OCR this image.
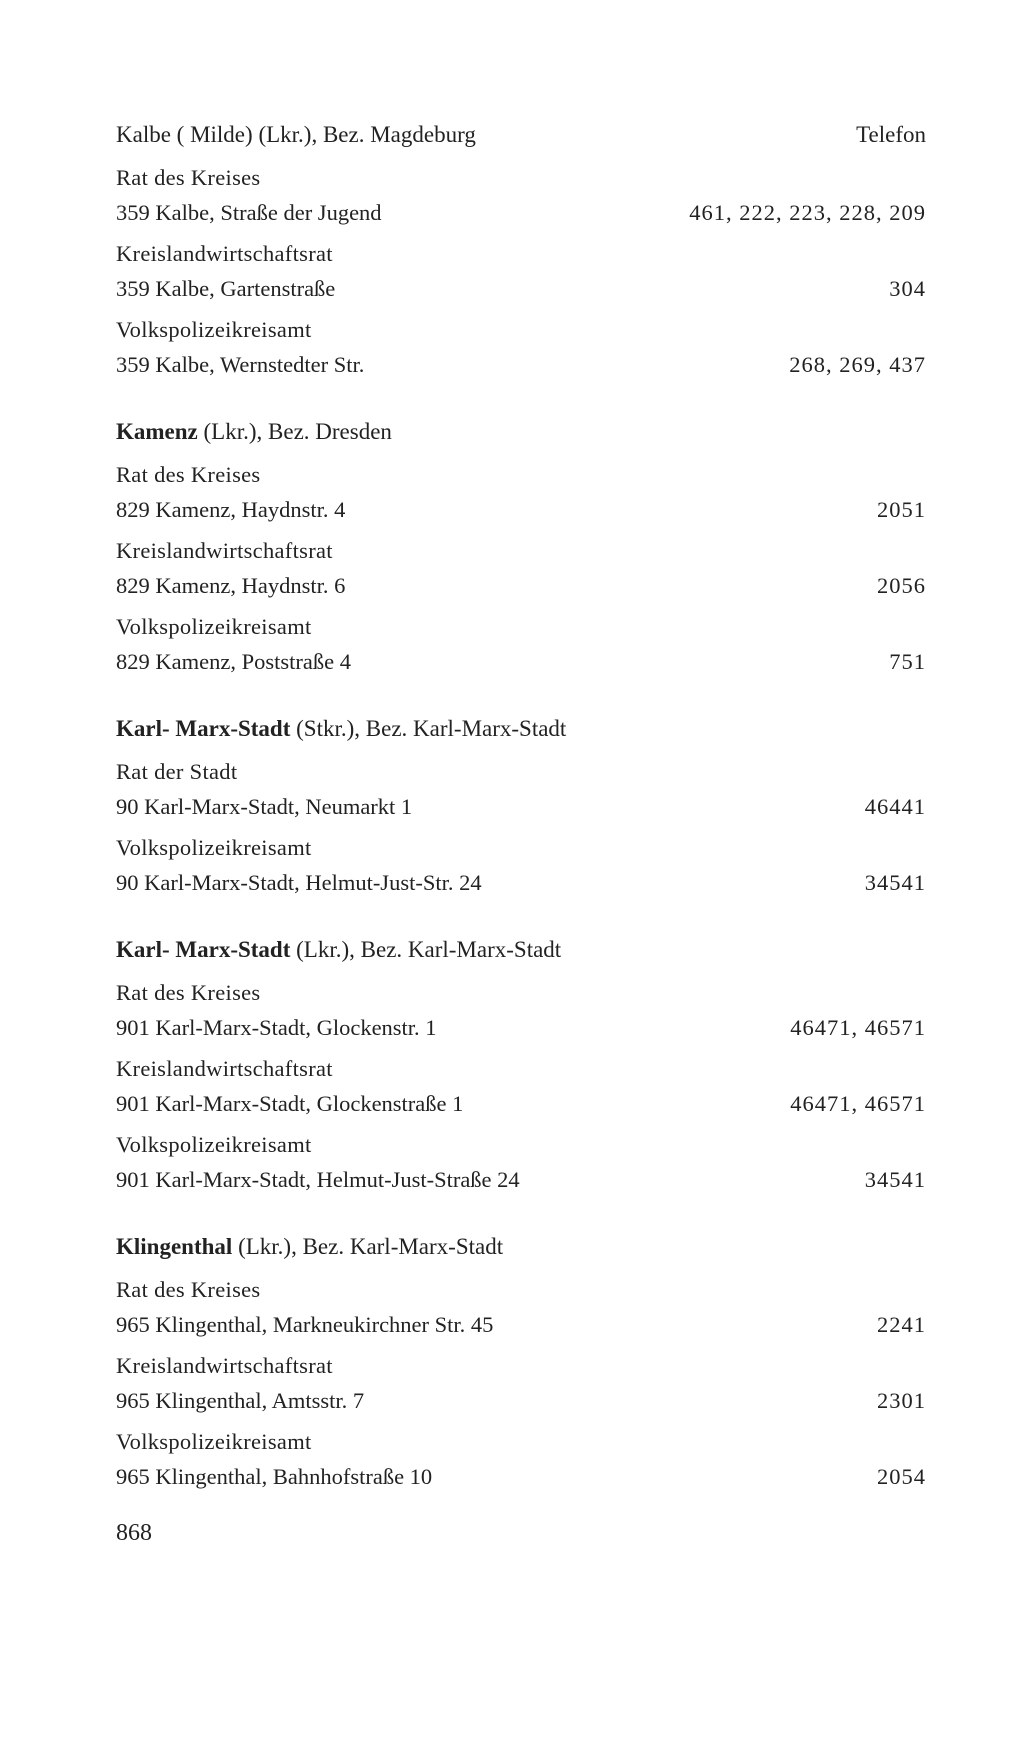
Kalbe ( Milde) (Lkr.), Bez. Magdeburg	Telefon
Rat des Kreises
359 Kalbe, Straße der Jugend	461, 222, 223, 228, 209
Kreislandwirtschaftsrat
359 Kalbe, Gartenstraße	304
Volkspolizeikreisamt
359 Kalbe, Wernstedter Str.	268, 269, 437
Kamenz (Lkr.), Bez. Dresden
Rat des Kreises
829 Kamenz, Haydnstr. 4	2051
Kreislandwirtschaftsrat
829 Kamenz, Haydnstr. 6	2056
Volkspolizeikreisamt
829 Kamenz, Poststraße 4	751
Karl- Marx-Stadt (Stkr.), Bez. Karl-Marx-Stadt
Rat der Stadt
90 Karl-Marx-Stadt, Neumarkt 1	46441
Volkspolizeikreisamt
90 Karl-Marx-Stadt, Helmut-Just-Str. 24	34541
Karl- Marx-Stadt (Lkr.), Bez. Karl-Marx-Stadt
Rat des Kreises
901 Karl-Marx-Stadt, Glockenstr. 1	46471, 46571
Kreislandwirtschaftsrat
901 Karl-Marx-Stadt, Glockenstraße 1	46471, 46571
Volkspolizeikreisamt
901 Karl-Marx-Stadt, Helmut-Just-Straße 24	34541
Klingenthal (Lkr.), Bez. Karl-Marx-Stadt
Rat des Kreises
965 Klingenthal, Markneukirchner Str. 45	2241
Kreislandwirtschaftsrat
965 Klingenthal, Amtsstr. 7	2301
Volkspolizeikreisamt
965 Klingenthal, Bahnhofstraße 10	2054
868
